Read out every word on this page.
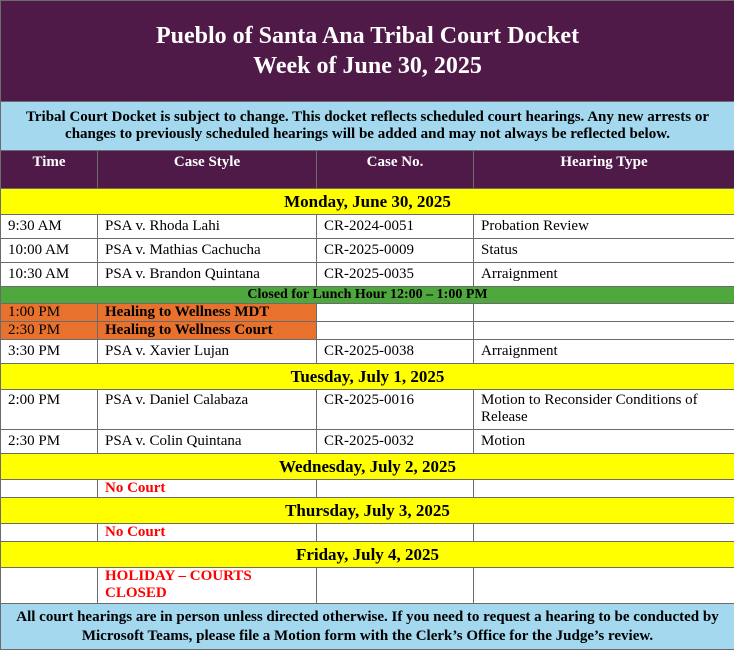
Pueblo of Santa Ana Tribal Court Docket
Week of June 30, 2025			

Tribal Court Docket is subject to change. This docket reflects scheduled court hearings. Any new arrests or changes to previously scheduled hearings will be added and may not always be reflected below.			
Time	Case Style	Case No.	Hearing Type
Monday, June 30, 2025			
9:30 AM	PSA v. Rhoda Lahi	CR-2024-0051	Probation Review
10:00 AM	PSA v. Mathias Cachucha	CR-2025-0009	Status
10:30 AM	PSA v. Brandon Quintana	CR-2025-0035	Arraignment
Closed for Lunch Hour 12:00 – 1:00 PM			
1:00 PM	Healing to Wellness MDT		
2:30 PM	Healing to Wellness Court		
3:30 PM	PSA v. Xavier Lujan	CR-2025-0038	Arraignment
Tuesday, July 1, 2025			
2:00 PM	PSA v. Daniel Calabaza	CR-2025-0016	Motion to Reconsider Conditions of Release
2:30 PM	PSA v. Colin Quintana	CR-2025-0032	Motion
Wednesday, July 2, 2025			
	No Court		
Thursday, July 3, 2025			
	No Court		
Friday, July 4, 2025			
	HOLIDAY – COURTS CLOSED		
All court hearings are in person unless directed otherwise. If you need to request a hearing to be conducted by Microsoft Teams, please file a Motion form with the Clerk’s Office for the Judge’s review.			
